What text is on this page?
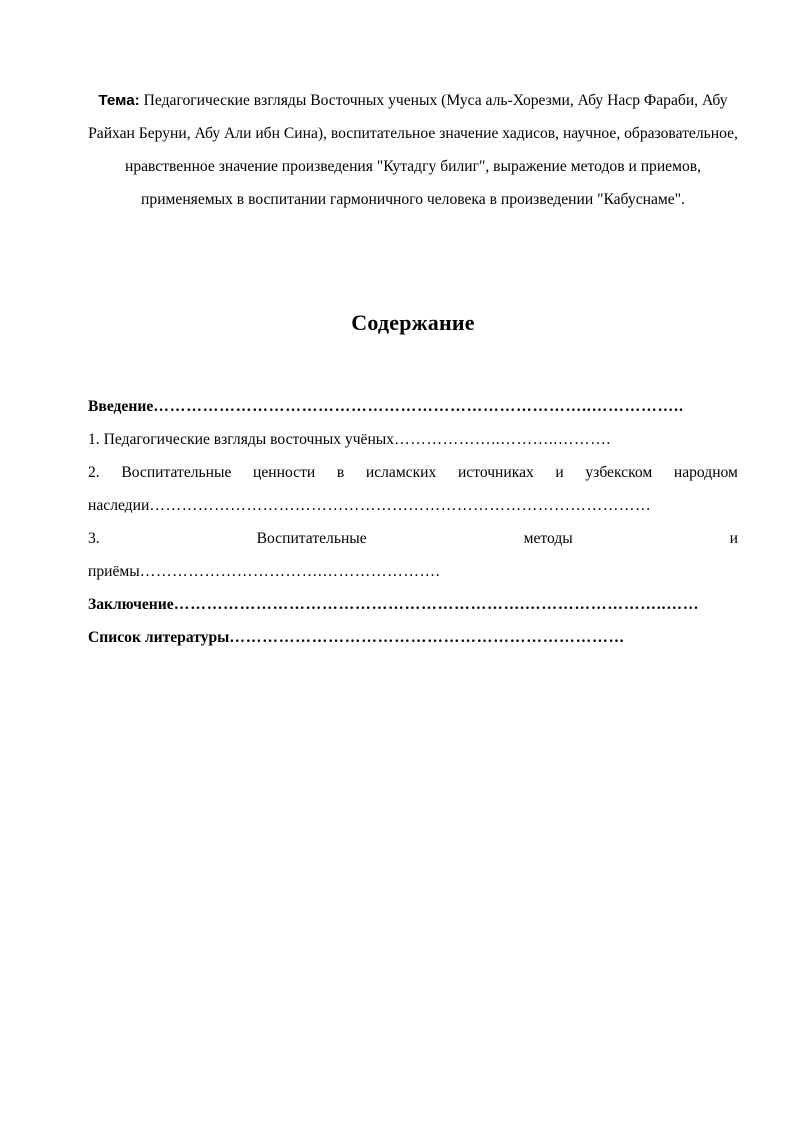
Тема: Педагогические взгляды Восточных ученых (Муса аль-Хорезми, Абу Наср Фараби, Абу Райхан Беруни, Абу Али ибн Сина), воспитательное значение хадисов, научное, образовательное, нравственное значение произведения "Кутадгу билиг", выражение методов и приемов, применяемых в воспитании гармоничного человека в произведении "Кабуснаме".
Содержание
Введение……………………………………………………………………..……………..
1. Педагогические взгляды восточных учёных………………..………..……….
2. Воспитательные ценности в исламских источниках и узбекском народном
наследии…………………………………………………………………………………
3.	Воспитательные	методы	и
приёмы…………………………….………………….
Заключение……………………………………………………….……………………..……
Список литературы………………………………………………………………
